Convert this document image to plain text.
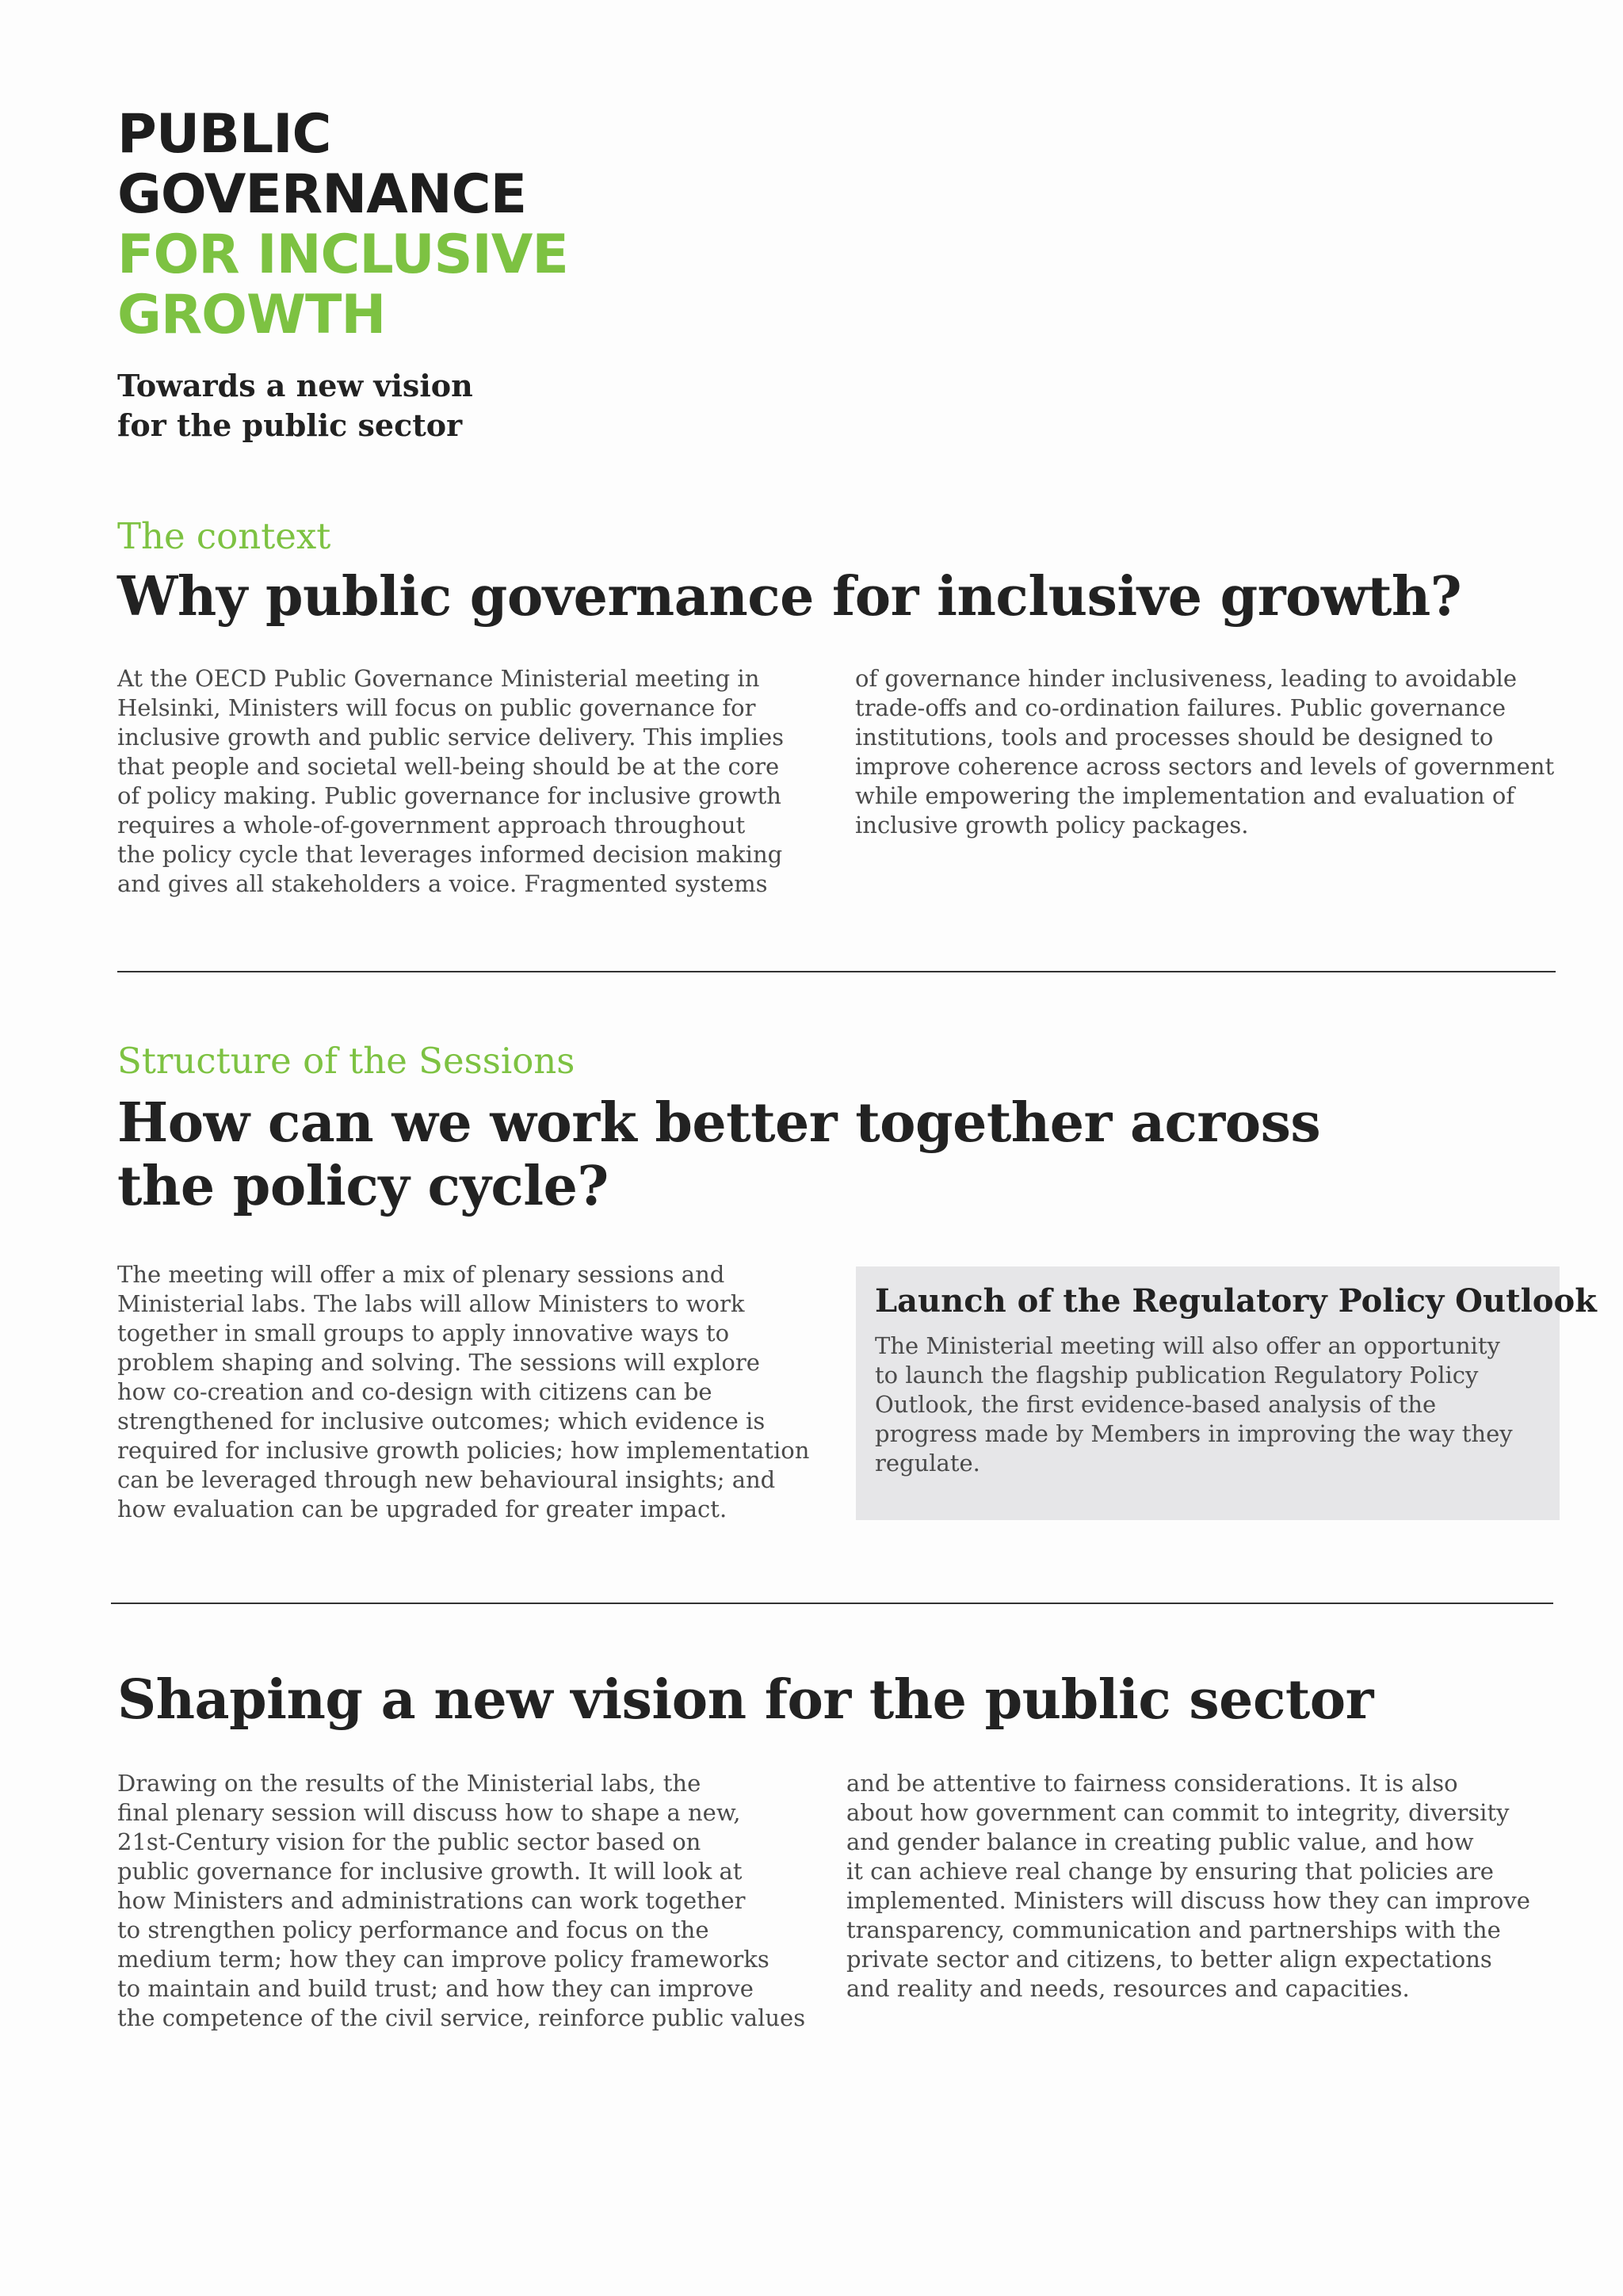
PUBLIC
GOVERNANCE
FOR INCLUSIVE
GROWTH
Towards a new vision
for the public sector
The context
Why public governance for inclusive growth?
At the OECD Public Governance Ministerial meeting in
Helsinki, Ministers will focus on public governance for
inclusive growth and public service delivery. This implies
that people and societal well-being should be at the core
of policy making. Public governance for inclusive growth
requires a whole-of-government approach throughout
the policy cycle that leverages informed decision making
and gives all stakeholders a voice. Fragmented systems
of governance hinder inclusiveness, leading to avoidable
trade-offs and co-ordination failures. Public governance
institutions, tools and processes should be designed to
improve coherence across sectors and levels of government
while empowering the implementation and evaluation of
inclusive growth policy packages.
Structure of the Sessions
How can we work better together across
the policy cycle?
The meeting will offer a mix of plenary sessions and
Ministerial labs. The labs will allow Ministers to work
together in small groups to apply innovative ways to
problem shaping and solving. The sessions will explore
how co-creation and co-design with citizens can be
strengthened for inclusive outcomes; which evidence is
required for inclusive growth policies; how implementation
can be leveraged through new behavioural insights; and
how evaluation can be upgraded for greater impact.
Launch of the Regulatory Policy Outlook
The Ministerial meeting will also offer an opportunity
to launch the flagship publication Regulatory Policy
Outlook, the first evidence-based analysis of the
progress made by Members in improving the way they
regulate.
Shaping a new vision for the public sector
Drawing on the results of the Ministerial labs, the
final plenary session will discuss how to shape a new,
21st-Century vision for the public sector based on
public governance for inclusive growth. It will look at
how Ministers and administrations can work together
to strengthen policy performance and focus on the
medium term; how they can improve policy frameworks
to maintain and build trust; and how they can improve
the competence of the civil service, reinforce public values
and be attentive to fairness considerations. It is also
about how government can commit to integrity, diversity
and gender balance in creating public value, and how
it can achieve real change by ensuring that policies are
implemented. Ministers will discuss how they can improve
transparency, communication and partnerships with the
private sector and citizens, to better align expectations
and reality and needs, resources and capacities.
